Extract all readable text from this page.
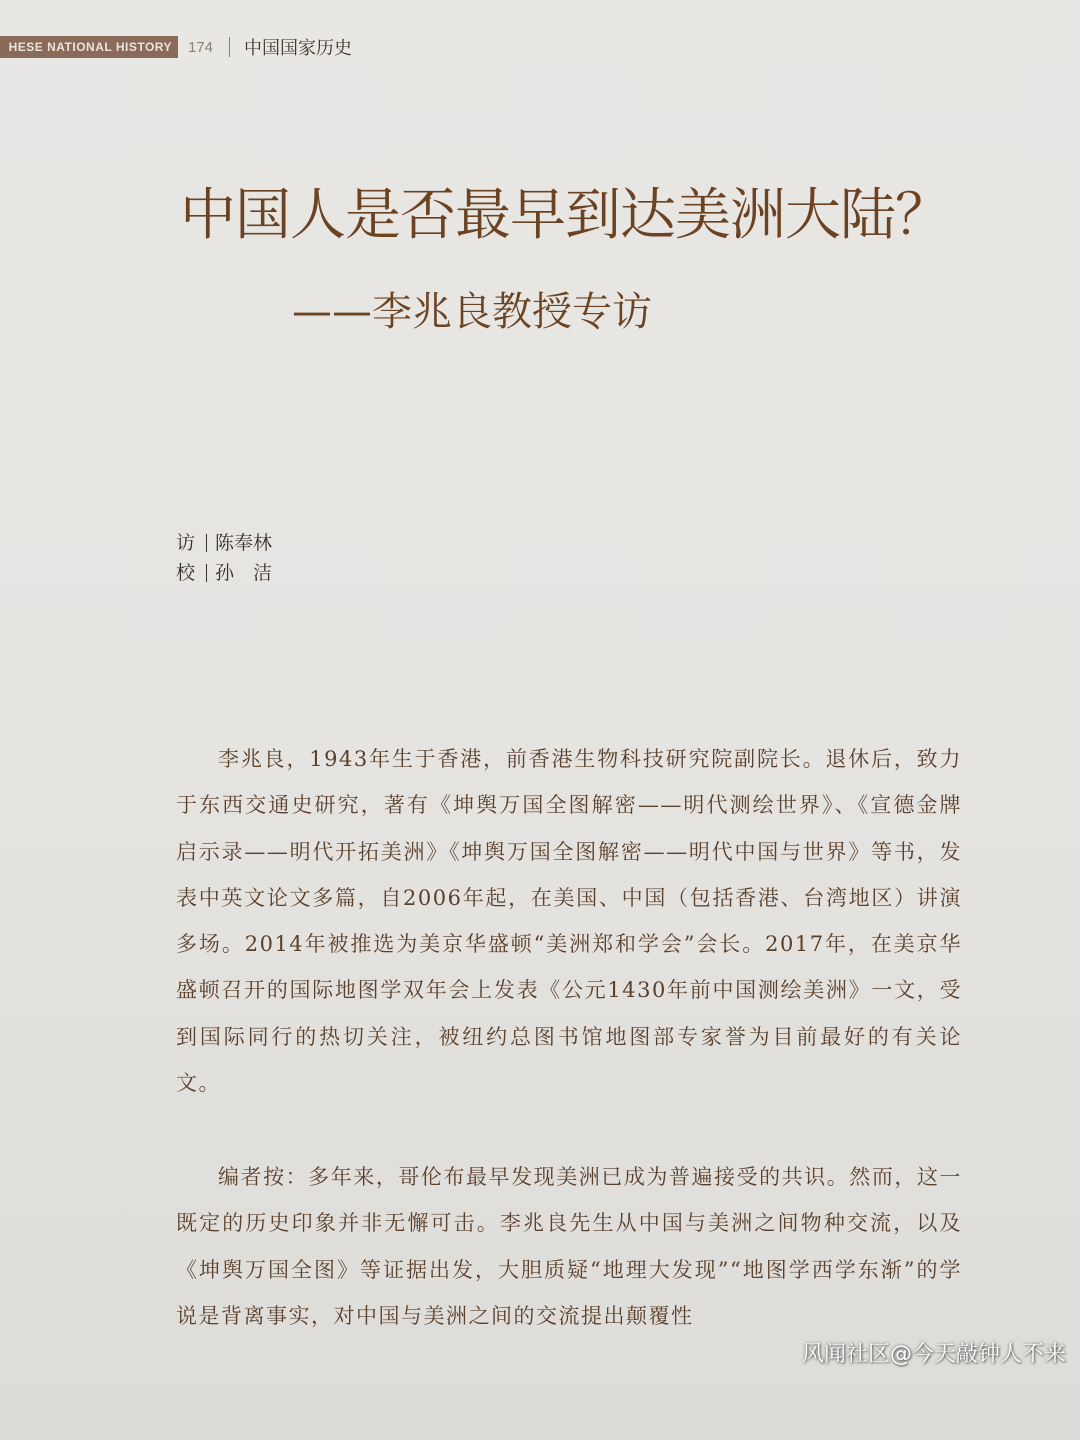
HESE NATIONAL HISTORY	174 中国国家历史
中国人是否最早到达美洲大陆？
——李兆良教授专访
访 陈奉林
校 孙　洁

李兆良，1943年生于香港，前香港生物科技研究院副院长。退休后，致力于东西交通史研究，著有《坤舆万国全图解密——明代测绘世界》、《宣德金牌启示录——明代开拓美洲》《坤舆万国全图解密——明代中国与世界》等书，发表中英文论文多篇，自2006年起，在美国、中国（包括香港、台湾地区）讲演多场。2014年被推选为美京华盛顿“美洲郑和学会”会长。2017年，在美京华盛顿召开的国际地图学双年会上发表《公元1430年前中国测绘美洲》一文，受到国际同行的热切关注，被纽约总图书馆地图部专家誉为目前最好的有关论文。

编者按：多年来，哥伦布最早发现美洲已成为普遍接受的共识。然而，这一既定的历史印象并非无懈可击。李兆良先生从中国与美洲之间物种交流，以及《坤舆万国全图》等证据出发，大胆质疑“地理大发现”“地图学西学东渐”的学说是背离事实，对中国与美洲之间的交流提出颠覆性

风闻社区@今天敲钟人不来
